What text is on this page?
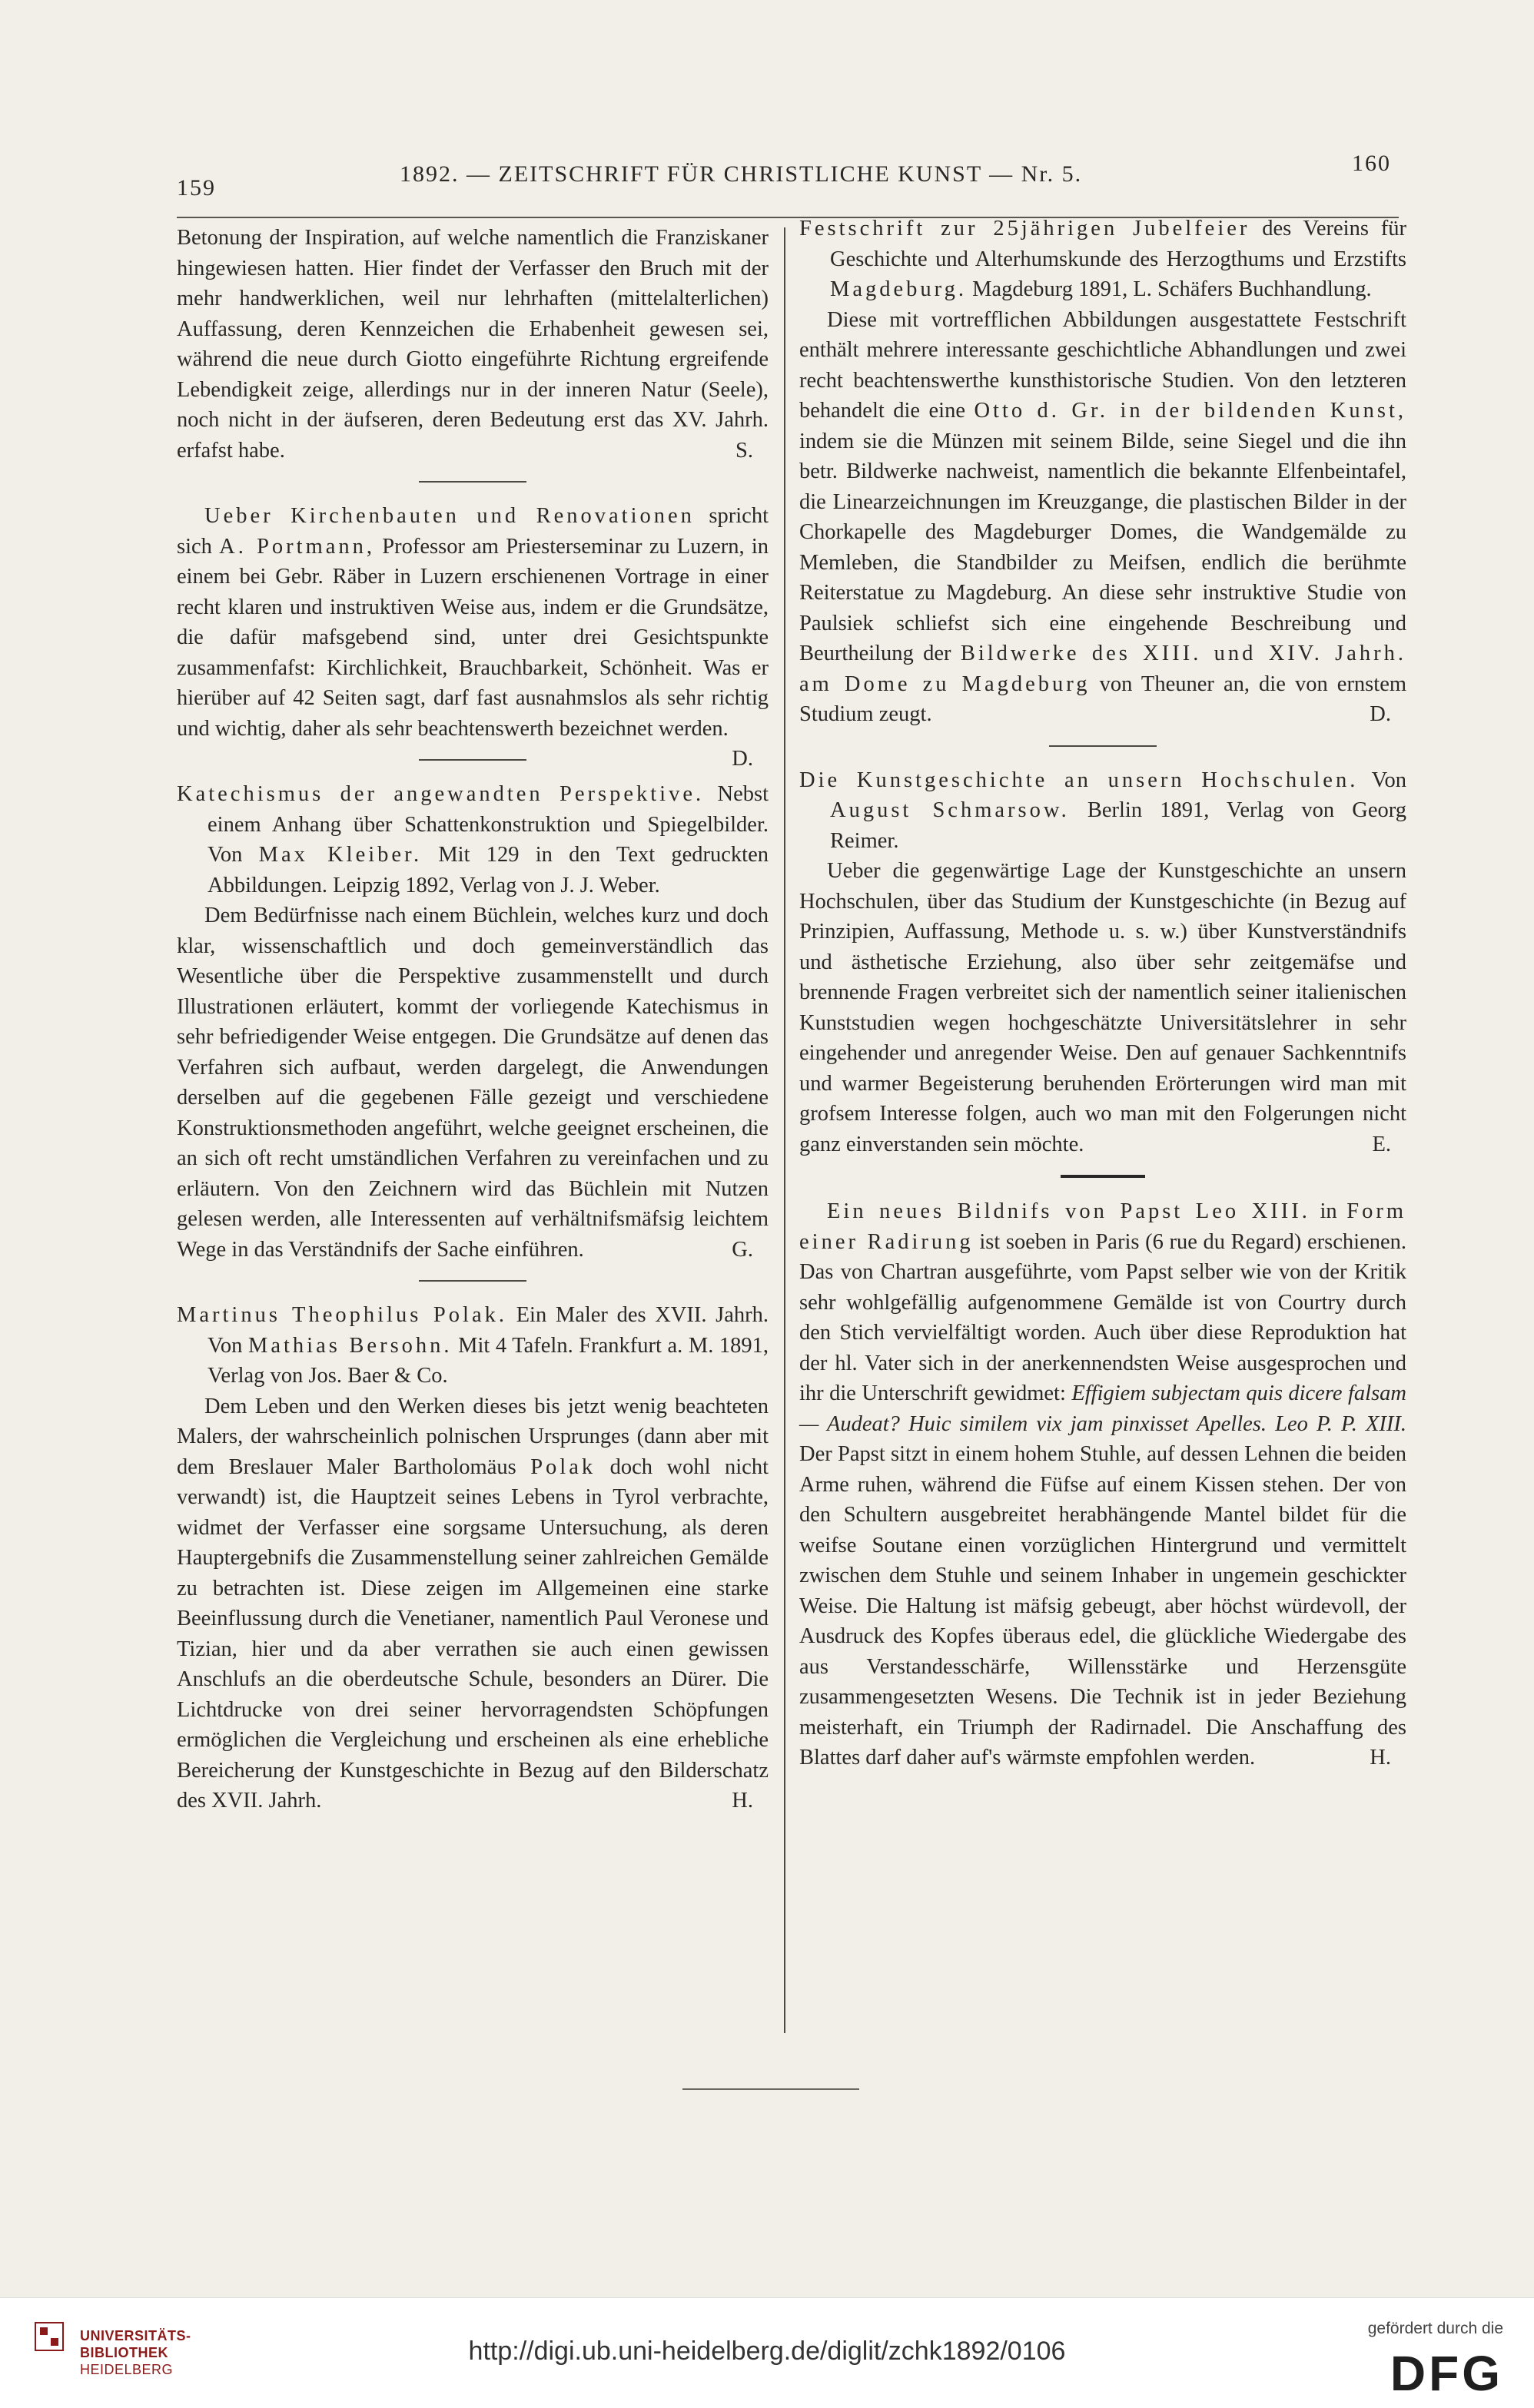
159
1892. — ZEITSCHRIFT FÜR CHRISTLICHE KUNST — Nr. 5.	160

Betonung der Inspiration, auf welche namentlich die Franziskaner hingewiesen hatten. Hier findet der Verfasser den Bruch mit der mehr handwerklichen, weil nur lehrhaften (mittelalterlichen) Auffassung, deren Kennzeichen die Erhabenheit gewesen sei, während die neue durch Giotto eingeführte Richtung ergreifende Lebendigkeit zeige, allerdings nur in der inneren Natur (Seele), noch nicht in der äufseren, deren Bedeutung erst das XV. Jahrh. erfafst habe.	S.

Ueber Kirchenbauten und Renovationen spricht sich A. Portmann, Professor am Priesterseminar zu Luzern, in einem bei Gebr. Räber in Luzern erschienenen Vortrage in einer recht klaren und instruktiven Weise aus, indem er die Grundsätze, die dafür mafsgebend sind, unter drei Gesichtspunkte zusammenfafst: Kirchlichkeit, Brauchbarkeit, Schönheit. Was er hierüber auf 42 Seiten sagt, darf fast ausnahmslos als sehr richtig und wichtig, daher als sehr beachtenswerth bezeichnet werden.
D.

Katechismus der angewandten Perspektive. Nebst einem Anhang über Schattenkonstruktion und Spiegelbilder. Von Max Kleiber. Mit 129 in den Text gedruckten Abbildungen. Leipzig 1892, Verlag von J. J. Weber.

Dem Bedürfnisse nach einem Büchlein, welches kurz und doch klar, wissenschaftlich und doch gemeinverständlich das Wesentliche über die Perspektive zusammenstellt und durch Illustrationen erläutert, kommt der vorliegende Katechismus in sehr befriedigender Weise entgegen. Die Grundsätze auf denen das Verfahren sich aufbaut, werden dargelegt, die Anwendungen derselben auf die gegebenen Fälle gezeigt und verschiedene Konstruktionsmethoden angeführt, welche geeignet erscheinen, die an sich oft recht umständlichen Verfahren zu vereinfachen und zu erläutern. Von den Zeichnern wird das Büchlein mit Nutzen gelesen werden, alle Interessenten auf verhältnifsmäfsig leichtem Wege in das Verständnifs der Sache einführen.	G.

Martinus Theophilus Polak. Ein Maler des XVII. Jahrh. Von Mathias Bersohn. Mit 4 Tafeln. Frankfurt a. M. 1891, Verlag von Jos. Baer & Co.

Dem Leben und den Werken dieses bis jetzt wenig beachteten Malers, der wahrscheinlich polnischen Ursprunges (dann aber mit dem Breslauer Maler Bartholomäus Polak doch wohl nicht verwandt) ist, die Hauptzeit seines Lebens in Tyrol verbrachte, widmet der Verfasser eine sorgsame Untersuchung, als deren Hauptergebnifs die Zusammenstellung seiner zahlreichen Gemälde zu betrachten ist. Diese zeigen im Allgemeinen eine starke Beeinflussung durch die Venetianer, namentlich Paul Veronese und Tizian, hier und da aber verrathen sie auch einen gewissen Anschlufs an die oberdeutsche Schule, besonders an Dürer. Die Lichtdrucke von drei seiner hervorragendsten Schöpfungen ermöglichen die Vergleichung und erscheinen als eine erhebliche Bereicherung der Kunstgeschichte in Bezug auf den Bilderschatz des XVII. Jahrh.	H.

Festschrift zur 25jährigen Jubelfeier des Vereins für Geschichte und Alterhumskunde des Herzogthums und Erzstifts Magdeburg. Magdeburg 1891, L. Schäfers Buchhandlung.

Diese mit vortrefflichen Abbildungen ausgestattete Festschrift enthält mehrere interessante geschichtliche Abhandlungen und zwei recht beachtenswerthe kunsthistorische Studien. Von den letzteren behandelt die eine Otto d. Gr. in der bildenden Kunst, indem sie die Münzen mit seinem Bilde, seine Siegel und die ihn betr. Bildwerke nachweist, namentlich die bekannte Elfenbeintafel, die Linearzeichnungen im Kreuzgange, die plastischen Bilder in der Chorkapelle des Magdeburger Domes, die Wandgemälde zu Memleben, die Standbilder zu Meifsen, endlich die berühmte Reiterstatue zu Magdeburg. An diese sehr instruktive Studie von Paulsiek schliefst sich eine eingehende Beschreibung und Beurtheilung der Bildwerke des XIII. und XIV. Jahrh. am Dome zu Magdeburg von Theuner an, die von ernstem Studium zeugt.	D.

Die Kunstgeschichte an unsern Hochschulen. Von August Schmarsow. Berlin 1891, Verlag von Georg Reimer.

Ueber die gegenwärtige Lage der Kunstgeschichte an unsern Hochschulen, über das Studium der Kunstgeschichte (in Bezug auf Prinzipien, Auffassung, Methode u. s. w.) über Kunstverständnifs und ästhetische Erziehung, also über sehr zeitgemäfse und brennende Fragen verbreitet sich der namentlich seiner italienischen Kunststudien wegen hochgeschätzte Universitätslehrer in sehr eingehender und anregender Weise. Den auf genauer Sachkenntnifs und warmer Begeisterung beruhenden Erörterungen wird man mit grofsem Interesse folgen, auch wo man mit den Folgerungen nicht ganz einverstanden sein möchte.	E.

Ein neues Bildnifs von Papst Leo XIII. in Form einer Radirung ist soeben in Paris (6 rue du Regard) erschienen. Das von Chartran ausgeführte, vom Papst selber wie von der Kritik sehr wohlgefällig aufgenommene Gemälde ist von Courtry durch den Stich vervielfältigt worden. Auch über diese Reproduktion hat der hl. Vater sich in der anerkennendsten Weise ausgesprochen und ihr die Unterschrift gewidmet: Effigiem subjectam quis dicere falsam — Audeat? Huic similem vix jam pinxisset Apelles. Leo P. P. XIII. Der Papst sitzt in einem hohem Stuhle, auf dessen Lehnen die beiden Arme ruhen, während die Füfse auf einem Kissen stehen. Der von den Schultern ausgebreitet herabhängende Mantel bildet für die weifse Soutane einen vorzüglichen Hintergrund und vermittelt zwischen dem Stuhle und seinem Inhaber in ungemein geschickter Weise. Die Haltung ist mäfsig gebeugt, aber höchst würdevoll, der Ausdruck des Kopfes überaus edel, die glückliche Wiedergabe des aus Verstandesschärfe, Willensstärke und Herzensgüte zusammengesetzten Wesens. Die Technik ist in jeder Beziehung meisterhaft, ein Triumph der Radirnadel. Die Anschaffung des Blattes darf daher auf's wärmste empfohlen werden.	H.

UNIVERSITÄTS-
BIBLIOTHEK
HEIDELBERG
http://digi.ub.uni-heidelberg.de/diglit/zchk1892/0106
gefördert durch die
DFG
